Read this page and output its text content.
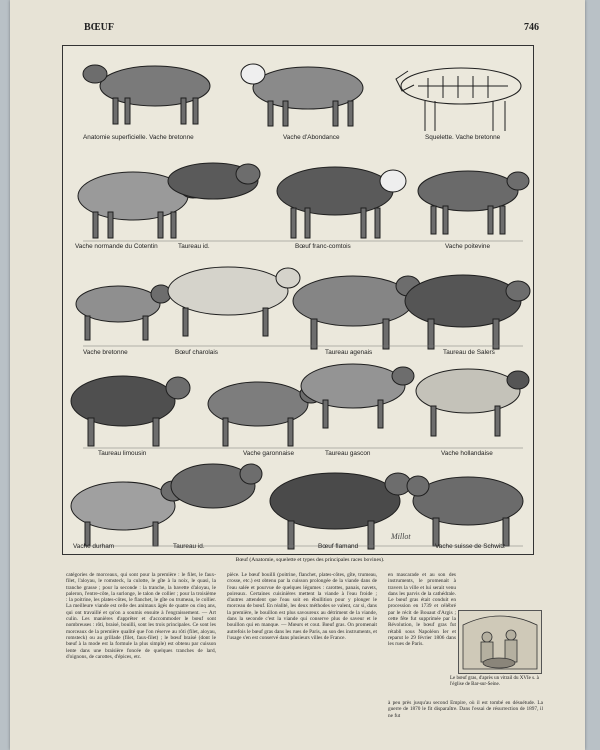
BŒUF	746
Anatomie superficielle. Vache bretonne	Vache d'Abondance	Squelette. Vache bretonne
Vache normande du Cotentin	Taureau id.	Bœuf franc-comtois	Vache poitevine
Vache bretonne	Bœuf charolais	Taureau agenais	Taureau de Salers
Taureau limousin	Vache garonnaise	Taureau gascon	Vache hollandaise
Vache durham	Taureau id.	Bœuf flamand	Vache suisse de Schwitz
Millot
Bœuf (Anatomie, squelette et types des principales races bovines).
catégories de morceaux, qui sont pour la première : le filet, le faux-filet, l'aloyau, le romsteck, la culotte, le gîte à la noix, le quasi, la tranche grasse ; pour la seconde : la tranche, la bavette d'aloyau, le paleron, l'entre-côte, la surlonge, le talon de collier ; pour la troisième : la poitrine, les plates-côtes, le flanchet, le gîte ou trumeau, le collier. La meilleure viande est celle des animaux âgés de quatre ou cinq ans, qui ont travaillé et qu'on a soumis ensuite à l'engraissement. — Art culin. Les manières d'apprêter et d'accommoder le bœuf sont nombreuses : rôti, braisé, bouilli, sont les trois principales. Ce sont les morceaux de la première qualité que l'on réserve au rôti (filet, aloyau, romsteck) ou au grillade (filet, faux-filet) ; le bœuf braisé (dont le bœuf à la mode est la formule la plus simple) est obtenu par cuisson lente dans une braisière foncée de quelques tranches de lard, d'oignons, de carottes, d'épices, etc.
pièce. Le bœuf bouilli (poitrine, flanchet, plates-côtes, gîte, trumeau, crosse, etc.) est obtenu par la cuisson prolongée de la viande dans de l'eau salée et pourvue de quelques légumes : carottes, panais, navets, poireaux. Certaines cuisinières mettent la viande à l'eau froide ; d'autres attendent que l'eau soit en ébullition pour y plonger le morceau de bœuf. En réalité, les deux méthodes se valent, car si, dans la première, le bouillon est plus savoureux au détriment de la viande, dans la seconde c'est la viande qui conserve plus de saveur et le bouillon qui en manque. — Mœurs et cout. Bœuf gras. On promenait autrefois le bœuf gras dans les rues de Paris, au son des instruments, et l'usage s'en est conservé dans plusieurs villes de France.
en mascarade et au son des instruments, le promenait à travers la ville et lui serait venu dans les parvis de la cathédrale. Le bœuf gras était conduit en procession en 1739 et célébré par le récit de Bouaut d'Argis ; cette fête fut supprimée par la Révolution, le bœuf gras fut rétabli sous Napoléon Ier et reparut le 29 février 1806 dans les rues de Paris.
Le bœuf gras, d'après un vitrail du XVIe s. à l'église de Bar-sur-Seine.
à peu près jusqu'au second Empire, où il est tombé en désuétude. La guerre de 1870 le fit disparaître. Dans l'essai de résurrection de 1897, il ne fut
